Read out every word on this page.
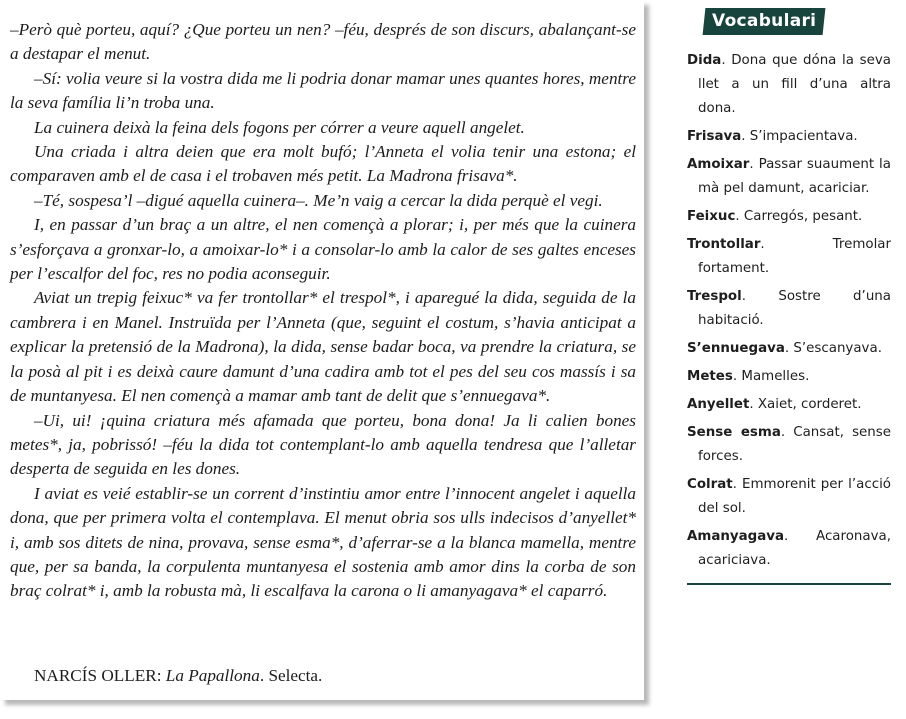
–Però què porteu, aquí? ¿Que porteu un nen? –féu, després de son discurs, abalançant-se a destapar el menut.

–Sí: volia veure si la vostra dida me li podria donar mamar unes quantes hores, mentre la seva família li’n troba una.

La cuinera deixà la feina dels fogons per córrer a veure aquell angelet.

Una criada i altra deien que era molt bufó; l’Anneta el volia tenir una estona; el comparaven amb el de casa i el trobaven més petit. La Madrona frisava*.

–Té, sospesa’l –digué aquella cuinera–. Me’n vaig a cercar la dida perquè el vegi.

I, en passar d’un braç a un altre, el nen començà a plorar; i, per més que la cuinera s’esforçava a gronxar-lo, a amoixar-lo* i a consolar-lo amb la calor de ses galtes enceses per l’escalfor del foc, res no podia aconseguir.

Aviat un trepig feixuc* va fer trontollar* el trespol*, i aparegué la dida, seguida de la cambrera i en Manel. Instruïda per l’Anneta (que, seguint el costum, s’havia anticipat a explicar la pretensió de la Madrona), la dida, sense badar boca, va prendre la criatura, se la posà al pit i es deixà caure damunt d’una cadira amb tot el pes del seu cos massís i sa de muntanyesa. El nen començà a mamar amb tant de delit que s’ennuegava*.

–Ui, ui! ¡quina criatura més afamada que porteu, bona dona! Ja li calien bones metes*, ja, pobrissó! –féu la dida tot contemplant-lo amb aquella tendresa que l’alletar desperta de seguida en les dones.

I aviat es veié establir-se un corrent d’instintiu amor entre l’innocent angelet i aquella dona, que per primera volta el contemplava. El menut obria sos ulls indecisos d’anyellet* i, amb sos ditets de nina, provava, sense esma*, d’aferrar-se a la blanca mamella, mentre que, per sa banda, la corpulenta muntanyesa el sostenia amb amor dins la corba de son braç colrat* i, amb la robusta mà, li escalfava la carona o li amanyagava* el caparró.

NARCÍS OLLER: La Papallona. Selecta.
Vocabulari
Dida. Dona que dóna la seva llet a un fill d’una altra dona.
Frisava. S’impacientava.
Amoixar. Passar suaument la mà pel damunt, acariciar.
Feixuc. Carregós, pesant.
Trontollar. Tremolar fortament.
Trespol. Sostre d’una habitació.
S’ennuegava. S’escanyava.
Metes. Mamelles.
Anyellet. Xaiet, corderet.
Sense esma. Cansat, sense forces.
Colrat. Emmorenit per l’acció del sol.
Amanyagava. Acaronava, acariciava.
